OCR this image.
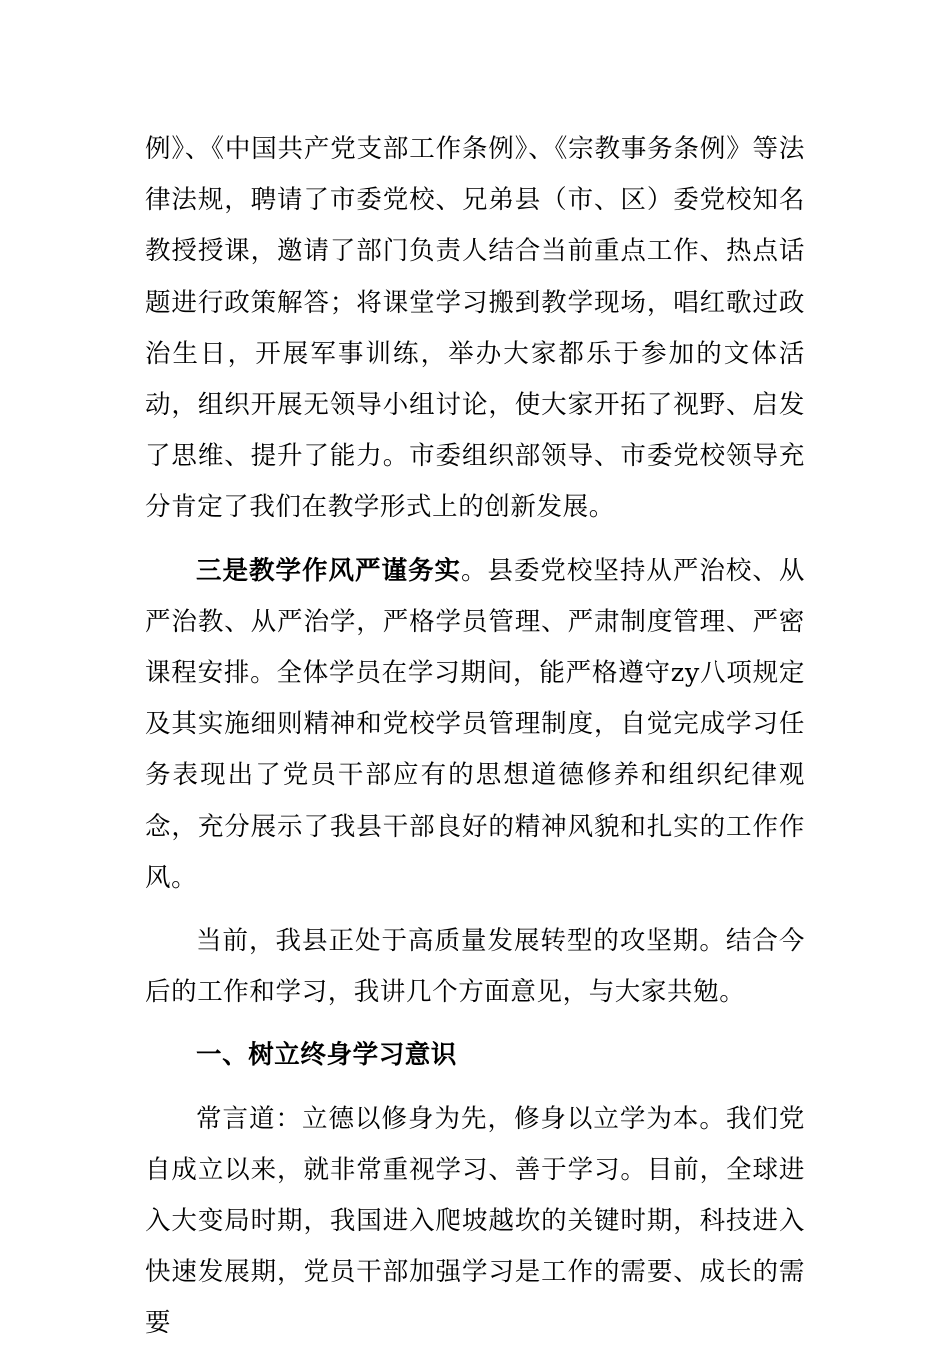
例》、《中国共产党支部工作条例》、《宗教事务条例》等法律法规，聘请了市委党校、兄弟县（市、区）委党校知名教授授课，邀请了部门负责人结合当前重点工作、热点话题进行政策解答；将课堂学习搬到教学现场，唱红歌过政治生日，开展军事训练，举办大家都乐于参加的文体活动，组织开展无领导小组讨论，使大家开拓了视野、启发了思维、提升了能力。市委组织部领导、市委党校领导充分肯定了我们在教学形式上的创新发展。

三是教学作风严谨务实。县委党校坚持从严治校、从严治教、从严治学，严格学员管理、严肃制度管理、严密课程安排。全体学员在学习期间，能严格遵守zy八项规定及其实施细则精神和党校学员管理制度，自觉完成学习任务表现出了党员干部应有的思想道德修养和组织纪律观念，充分展示了我县干部良好的精神风貌和扎实的工作作风。

当前，我县正处于高质量发展转型的攻坚期。结合今后的工作和学习，我讲几个方面意见，与大家共勉。

一、树立终身学习意识

常言道：立德以修身为先，修身以立学为本。我们党自成立以来，就非常重视学习、善于学习。目前，全球进入大变局时期，我国进入爬坡越坎的关键时期，科技进入快速发展期，党员干部加强学习是工作的需要、成长的需要
